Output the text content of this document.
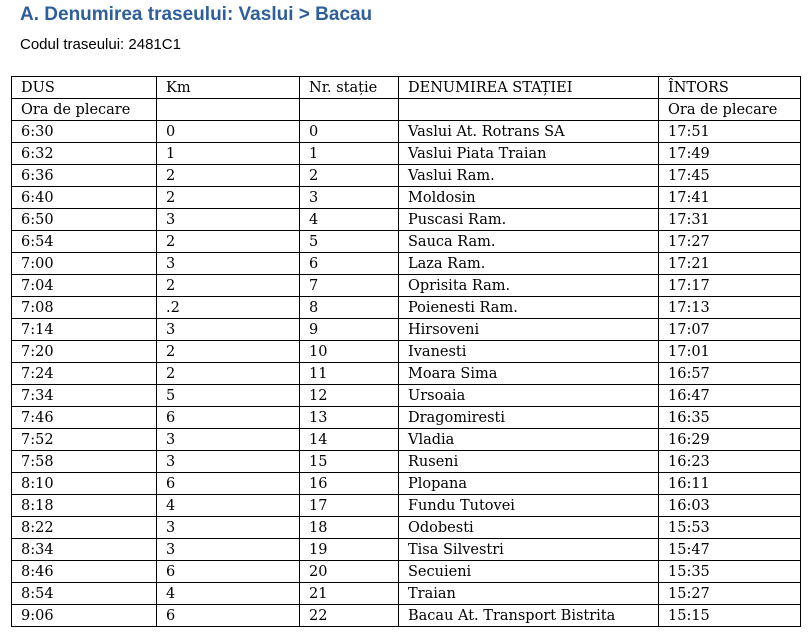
A. Denumirea traseului: Vaslui > Bacau
Codul traseului: 2481C1
DUS	Km	Nr. stație	DENUMIREA STAȚIEI	ÎNTORS
Ora de plecare				Ora de plecare
6:30	0	0	Vaslui At. Rotrans SA	17:51
6:32	1	1	Vaslui Piata Traian	17:49
6:36	2	2	Vaslui Ram.	17:45
6:40	2	3	Moldosin	17:41
6:50	3	4	Puscasi Ram.	17:31
6:54	2	5	Sauca Ram.	17:27
7:00	3	6	Laza Ram.	17:21
7:04	2	7	Oprisita Ram.	17:17
7:08	.2	8	Poienesti Ram.	17:13
7:14	3	9	Hirsoveni	17:07
7:20	2	10	Ivanesti	17:01
7:24	2	11	Moara Sima	16:57
7:34	5	12	Ursoaia	16:47
7:46	6	13	Dragomiresti	16:35
7:52	3	14	Vladia	16:29
7:58	3	15	Ruseni	16:23
8:10	6	16	Plopana	16:11
8:18	4	17	Fundu Tutovei	16:03
8:22	3	18	Odobesti	15:53
8:34	3	19	Tisa Silvestri	15:47
8:46	6	20	Secuieni	15:35
8:54	4	21	Traian	15:27
9:06	6	22	Bacau At. Transport Bistrita	15:15
